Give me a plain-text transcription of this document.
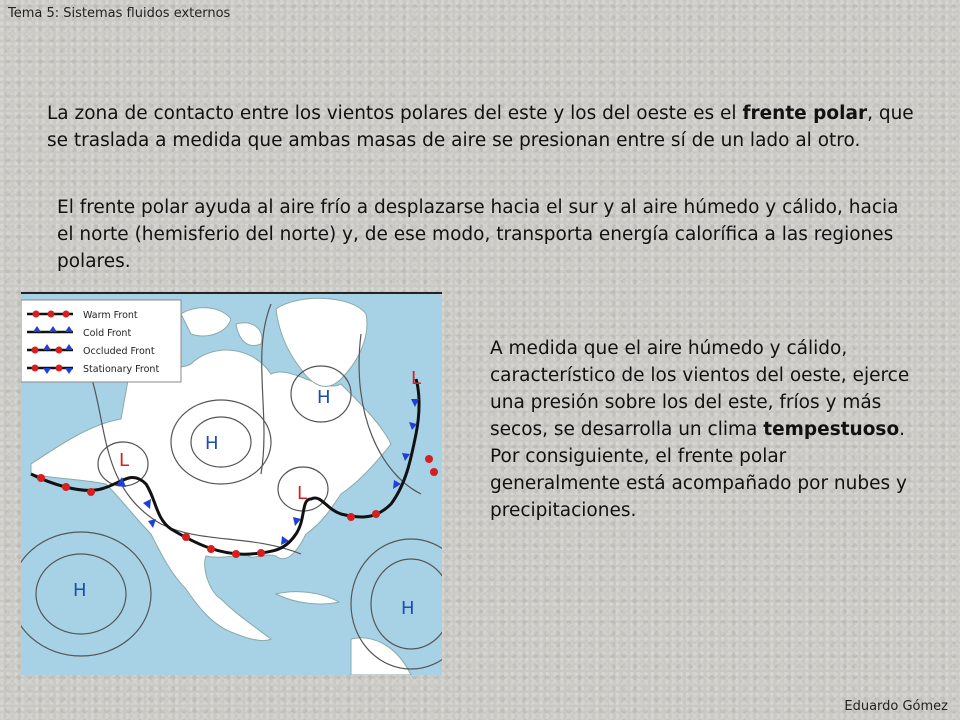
Tema 5: Sistemas fluidos externos

La zona de contacto entre los vientos polares del este y los del oeste es el frente polar, que se traslada a medida que ambas masas de aire se presionan entre sí de un lado al otro.

El frente polar ayuda al aire frío a desplazarse hacia el sur y al aire húmedo y cálido, hacia el norte (hemisferio del norte) y, de ese modo, transporta energía calorífica a las regiones polares.

A medida que el aire húmedo y cálido, característico de los vientos del oeste, ejerce una presión sobre los del este, fríos y más secos, se desarrolla un clima tempestuoso. Por consiguiente, el frente polar generalmente está acompañado por nubes y precipitaciones.

Warm Front
Cold Front
Occluded Front
Stationary Front
H
H
H
H
L
L
L
Eduardo Gómez
